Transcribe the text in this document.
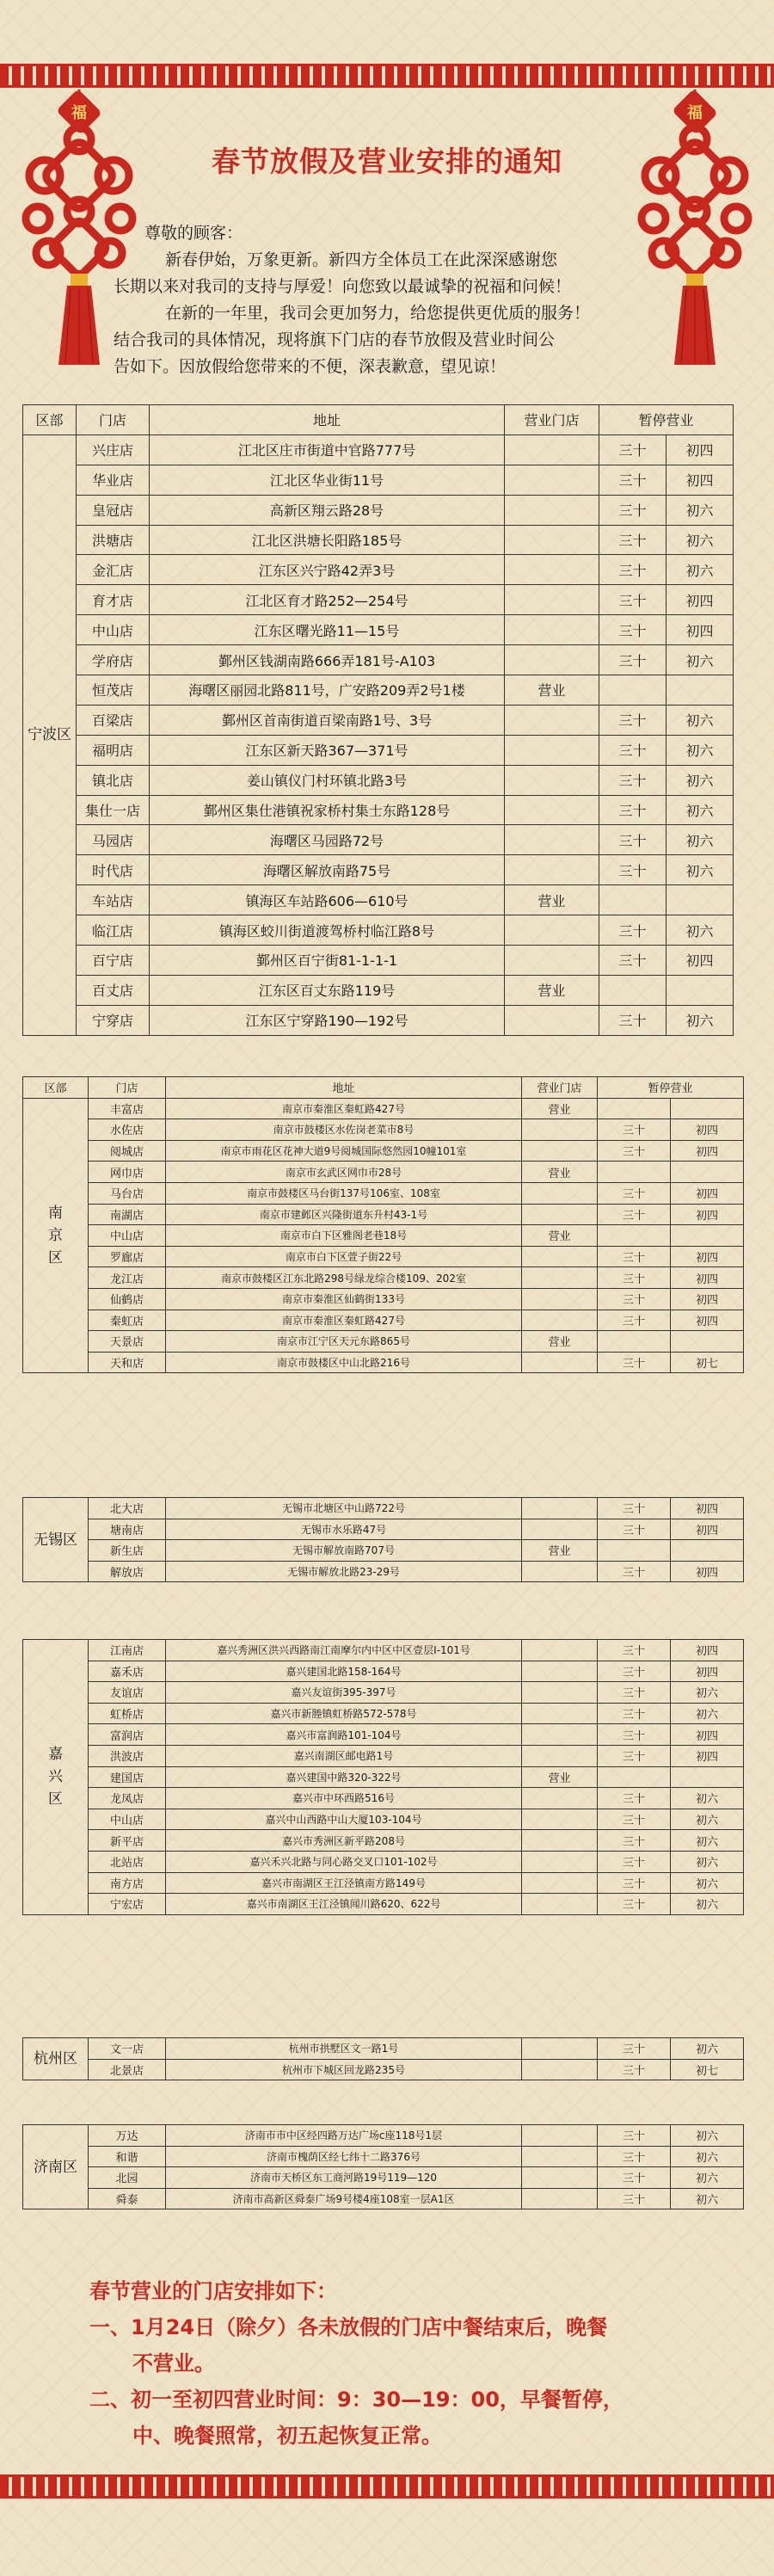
福	福
春节放假及营业安排的通知

尊敬的顾客：

新春伊始，万象更新。新四方全体员工在此深深感谢您

长期以来对我司的支持与厚爱！向您致以最诚挚的祝福和问候！

在新的一年里，我司会更加努力，给您提供更优质的服务！

结合我司的具体情况，现将旗下门店的春节放假及营业时间公

告如下。因放假给您带来的不便，深表歉意，望见谅！

区部	门店	地址	营业门店	暂停营业	
宁波区	兴庄店	江北区庄市街道中官路777号		三十	初四
	华业店	江北区华业街11号		三十	初四
	皇冠店	高新区翔云路28号		三十	初六
	洪塘店	江北区洪塘长阳路185号		三十	初六
	金汇店	江东区兴宁路42弄3号		三十	初六
	育才店	江北区育才路252—254号		三十	初四
	中山店	江东区曙光路11—15号		三十	初四
	学府店	鄞州区钱湖南路666弄181号-A103		三十	初六
	恒茂店	海曙区丽园北路811号，广安路209弄2号1楼	营业		
	百梁店	鄞州区首南街道百梁南路1号、3号		三十	初六
	福明店	江东区新天路367—371号		三十	初六
	镇北店	姜山镇仪门村环镇北路3号		三十	初六
	集仕一店	鄞州区集仕港镇祝家桥村集士东路128号		三十	初六
	马园店	海曙区马园路72号		三十	初六
	时代店	海曙区解放南路75号		三十	初六
	车站店	镇海区车站路606—610号	营业		
	临江店	镇海区蛟川街道渡驾桥村临江路8号		三十	初六
	百宁店	鄞州区百宁街81-1-1-1		三十	初四
	百丈店	江东区百丈东路119号	营业		
	宁穿店	江东区宁穿路190—192号		三十	初六
区部	门店	地址	营业门店	暂停营业	
南京区	丰富店	南京市秦淮区秦虹路427号	营业		
	水佐店	南京市鼓楼区水佐岗老菜市8号		三十	初四
	阅城店	南京市雨花区花神大道9号阅城国际悠然园10幢101室		三十	初四
	网巾店	南京市玄武区网巾市28号	营业		
	马台店	南京市鼓楼区马台街137号106室、108室		三十	初四
	南湖店	南京市建邺区兴隆街道东升村43-1号		三十	初四
	中山店	南京市白下区雅阁老巷18号	营业		
	罗廊店	南京市白下区萱子街22号		三十	初四
	龙江店	南京市鼓楼区江东北路298号绿龙综合楼109、202室		三十	初四
	仙鹤店	南京市秦淮区仙鹤街133号		三十	初四
	秦虹店	南京市秦淮区秦虹路427号		三十	初四
	天景店	南京市江宁区天元东路865号	营业		
	天和店	南京市鼓楼区中山北路216号		三十	初七
无锡区	北大店	无锡市北塘区中山路722号		三十	初四
	塘南店	无锡市水乐路47号		三十	初四
	新生店	无锡市解放南路707号	营业		
	解放店	无锡市解放北路23-29号		三十	初四
嘉兴区	江南店	嘉兴秀洲区洪兴西路南江南摩尔内中区中区壹层I-101号		三十	初四
	嘉禾店	嘉兴建国北路158-164号		三十	初四
	友谊店	嘉兴友谊街395-397号		三十	初六
	虹桥店	嘉兴市新塍镇虹桥路572-578号		三十	初六
	富润店	嘉兴市富润路101-104号		三十	初四
	洪波店	嘉兴南湖区邮电路1号		三十	初四
	建国店	嘉兴建国中路320-322号	营业		
	龙凤店	嘉兴市中环西路516号		三十	初六
	中山店	嘉兴中山西路中山大厦103-104号		三十	初六
	新平店	嘉兴市秀洲区新平路208号		三十	初六
	北站店	嘉兴禾兴北路与同心路交叉口101-102号		三十	初六
	南方店	嘉兴市南湖区王江泾镇南方路149号		三十	初六
	宁宏店	嘉兴市南湖区王江泾镇闻川路620、622号		三十	初六
杭州区	文一店	杭州市拱墅区文一路1号		三十	初六
	北景店	杭州市下城区回龙路235号		三十	初七
济南区	万达	济南市市中区经四路万达广场c座118号1层		三十	初六
	和谐	济南市槐荫区经七纬十二路376号		三十	初六
	北园	济南市天桥区东工商河路19号119—120		三十	初六
	舜泰	济南市高新区舜泰广场9号楼4座108室一层A1区		三十	初六

春节营业的门店安排如下：

一、1月24日（除夕）各未放假的门店中餐结束后，晚餐

不营业。

二、初一至初四营业时间：9：30—19：00，早餐暂停，

中、晚餐照常，初五起恢复正常。
